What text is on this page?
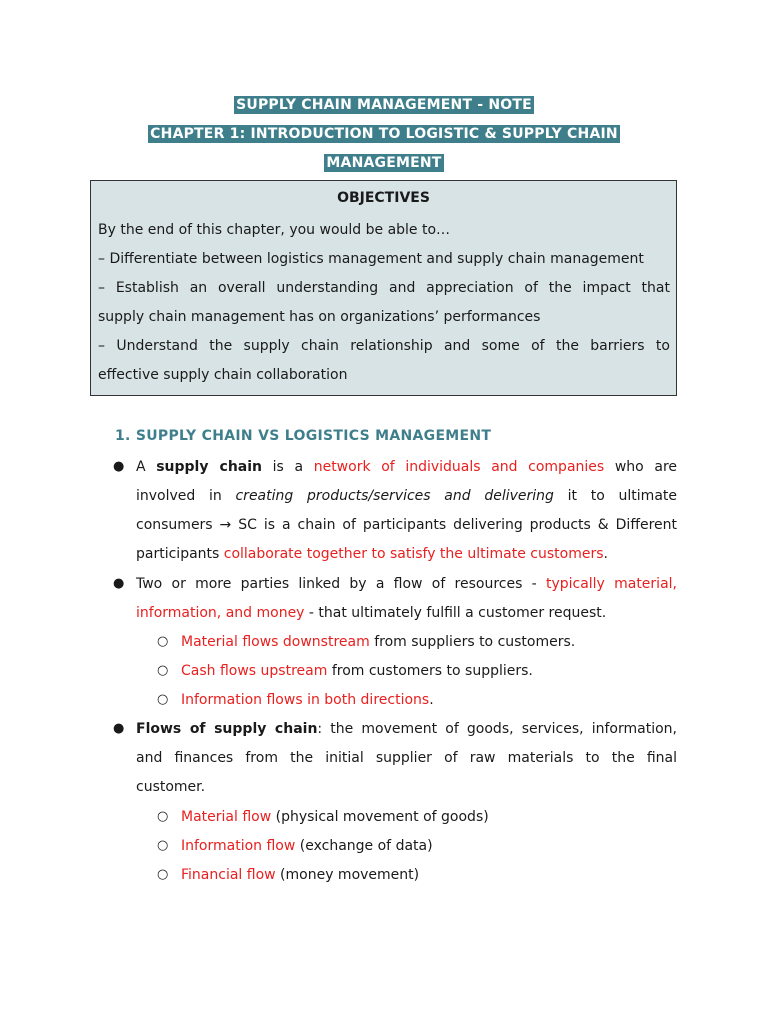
SUPPLY CHAIN MANAGEMENT - NOTE
CHAPTER 1: INTRODUCTION TO LOGISTIC & SUPPLY CHAIN
MANAGEMENT
OBJECTIVES
By the end of this chapter, you would be able to…
– Differentiate between logistics management and supply chain management
– Establish an overall understanding and appreciation of the impact that
supply chain management has on organizations’ performances
– Understand the supply chain relationship and some of the barriers to
effective supply chain collaboration
1. SUPPLY CHAIN VS LOGISTICS MANAGEMENT
● A supply chain is a network of individuals and companies who are
involved in creating products/services and delivering it to ultimate
consumers → SC is a chain of participants delivering products & Different
participants collaborate together to satisfy the ultimate customers.
● Two or more parties linked by a flow of resources - typically material,
information, and money - that ultimately fulfill a customer request.
○ Material flows downstream from suppliers to customers.
○ Cash flows upstream from customers to suppliers.
○ Information flows in both directions.
● Flows of supply chain: the movement of goods, services, information,
and finances from the initial supplier of raw materials to the final
customer.
○ Material flow (physical movement of goods)
○ Information flow (exchange of data)
○ Financial flow (money movement)
